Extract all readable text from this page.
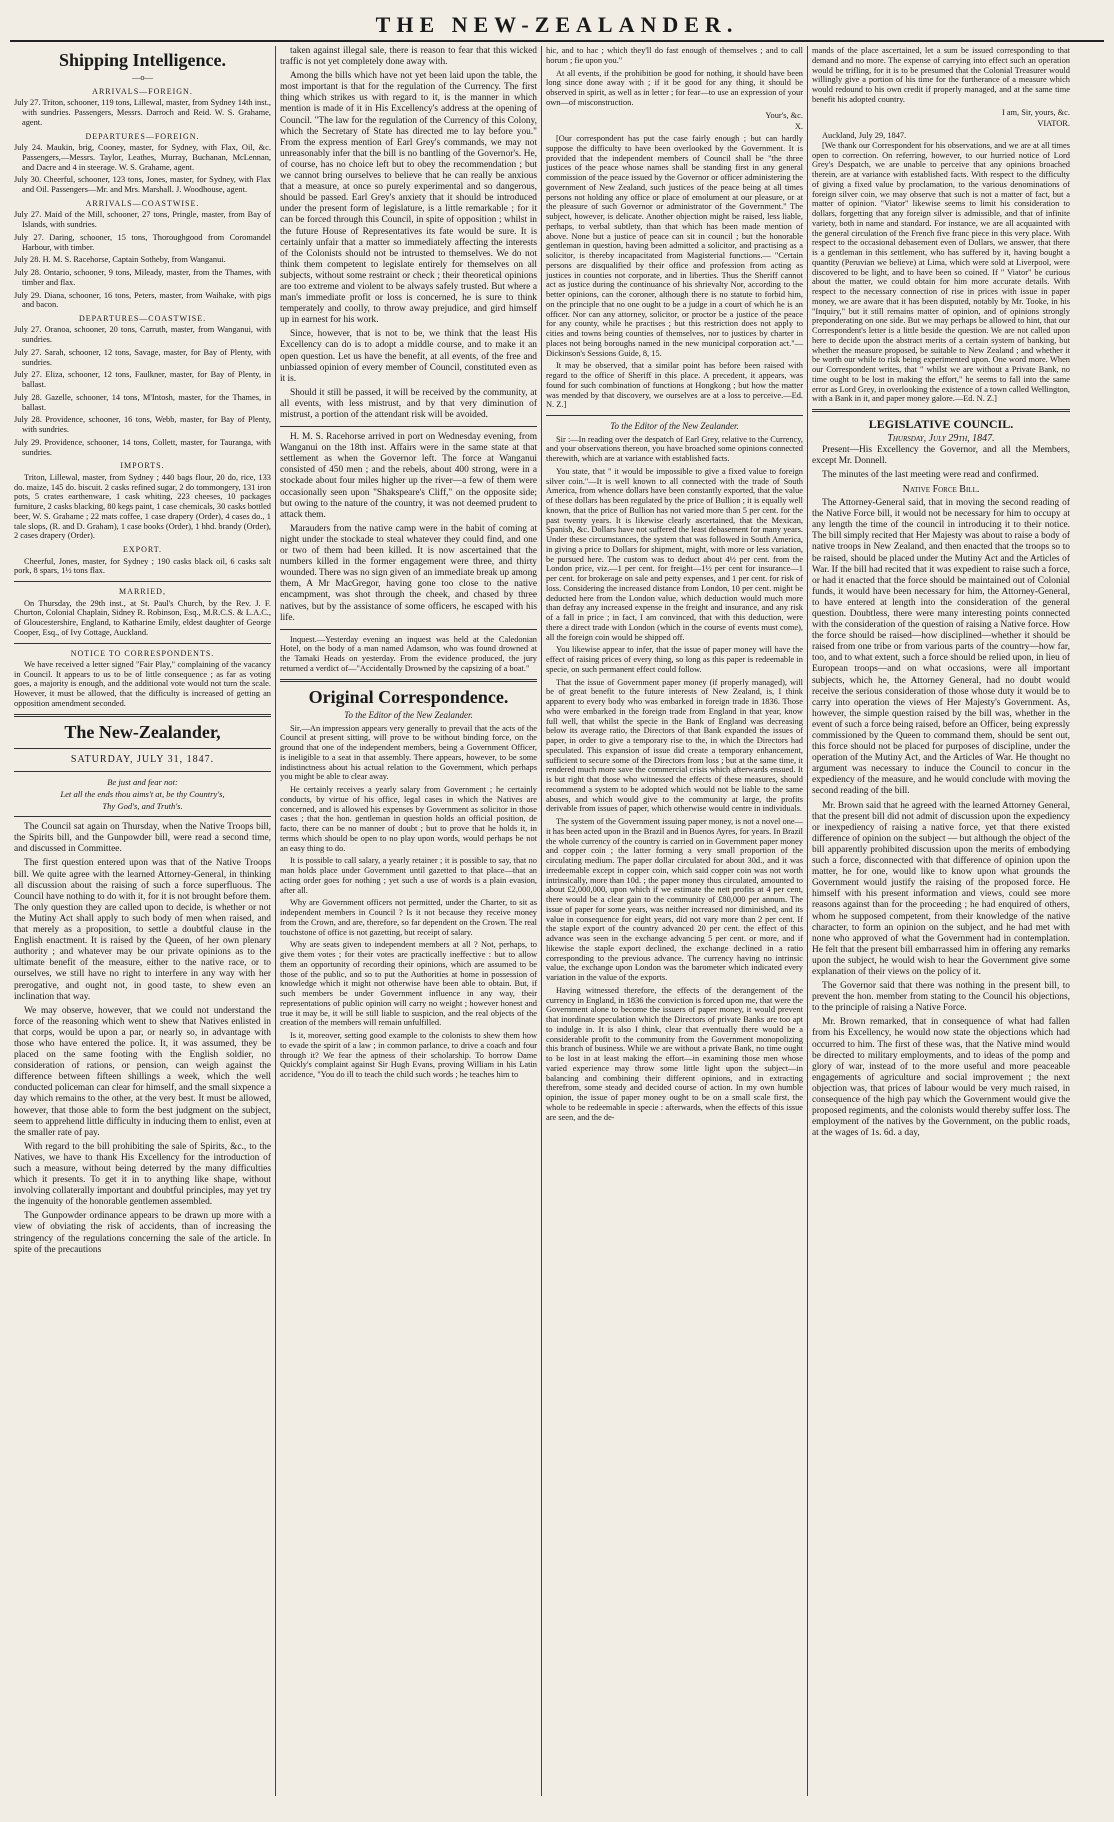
THE NEW-ZEALANDER.
Shipping Intelligence.
—o—
ARRIVALS—FOREIGN.
July 27. Triton, schooner, 119 tons, Lillewal, master, from Sydney 14th inst., with sundries. Passengers, Messrs. Darroch and Reid. W. S. Grahame, agent.
DEPARTURES—FOREIGN.
July 24. Maukin, brig, Cooney, master, for Sydney, with Flax, Oil, &c. Passengers,—Messrs. Taylor, Leathes, Murray, Buchanan, McLennan, and Dacre and 4 in steerage. W. S. Grahame, agent.
July 30. Cheerful, schooner, 123 tons, Jones, master, for Sydney, with Flax and Oil. Passengers—Mr. and Mrs. Marshall. J. Woodhouse, agent.
ARRIVALS—COASTWISE.
July 27. Maid of the Mill, schooner, 27 tons, Pringle, master, from Bay of Islands, with sundries.
July 27. Daring, schooner, 15 tons, Thoroughgood from Coromandel Harbour, with timber.
July 28. H. M. S. Racehorse, Captain Sotheby, from Wanganui.
July 28. Ontario, schooner, 9 tons, Mileady, master, from the Thames, with timber and flax.
July 29. Diana, schooner, 16 tons, Peters, master, from Waihake, with pigs and bacon.
DEPARTURES—COASTWISE.
July 27. Oranoa, schooner, 20 tons, Carruth, master, from Wanganui, with sundries.
July 27. Sarah, schooner, 12 tons, Savage, master, for Bay of Plenty, with sundries.
July 27. Eliza, schooner, 12 tons, Faulkner, master, for Bay of Plenty, in ballast.
July 28. Gazelle, schooner, 14 tons, M'Intosh, master, for the Thames, in ballast.
July 28. Providence, schooner, 16 tons, Webb, master, for Bay of Plenty, with sundries.
July 29. Providence, schooner, 14 tons, Collett, master, for Tauranga, with sundries.
IMPORTS.
Triton, Lillewal, master, from Sydney ; 440 bags flour, 20 do, rice, 133 do. maize, 145 do. biscuit. 2 casks refined sugar, 2 do tommongery, 131 iron pots, 5 crates earthenware, 1 cask whiting, 223 cheeses, 10 packages furniture, 2 casks blacking, 80 kegs paint, 1 case chemicals, 30 casks bottled beer, W. S. Grahame ; 22 mats coffee, 1 case drapery (Order), 4 cases do., 1 tale slops, (R. and D. Graham), 1 case books (Order), 1 hhd. brandy (Order), 2 cases drapery (Order).
EXPORT.
Cheerful, Jones, master, for Sydney ; 190 casks black oil, 6 casks salt pork, 8 spars, 1½ tons flax.
MARRIED,
On Thursday, the 29th inst., at St. Paul's Church, by the Rev. J. F. Churton, Colonial Chaplain, Sidney R. Robinson, Esq., M.R.C.S. & L.A.C., of Gloucestershire, England, to Katharine Emily, eldest daughter of George Cooper, Esq., of Ivy Cottage, Auckland.
NOTICE TO CORRESPONDENTS.
We have received a letter signed "Fair Play," complaining of the vacancy in Council. It appears to us to be of little consequence ; as far as voting goes, a majority is enough, and the additional vote would not turn the scale. However, it must be allowed, that the difficulty is increased of getting an opposition amendment seconded.
The New-Zealander,
SATURDAY, JULY 31, 1847.
Be just and fear not:
Let all the ends thou aims't at, be thy Country's,
Thy God's, and Truth's.

The Council sat again on Thursday, when the Native Troops bill, the Spirits bill, and the Gunpowder bill, were read a second time, and discussed in Committee.

The first question entered upon was that of the Native Troops bill. We quite agree with the learned Attorney-General, in thinking all discussion about the raising of such a force superfluous. The Council have nothing to do with it, for it is not brought before them. The only question they are called upon to decide, is whether or not the Mutiny Act shall apply to such body of men when raised, and that merely as a proposition, to settle a doubtful clause in the English enactment. It is raised by the Queen, of her own plenary authority ; and whatever may be our private opinions as to the ultimate benefit of the measure, either to the native race, or to ourselves, we still have no right to interfere in any way with her prerogative, and ought not, in good taste, to shew even an inclination that way.

We may observe, however, that we could not understand the force of the reasoning which went to shew that Natives enlisted in that corps, would be upon a par, or nearly so, in advantage with those who have entered the police. It, it was assumed, they be placed on the same footing with the English soldier, no consideration of rations, or pension, can weigh against the difference between fifteen shillings a week, which the well conducted policeman can clear for himself, and the small sixpence a day which remains to the other, at the very best. It must be allowed, however, that those able to form the best judgment on the subject, seem to apprehend little difficulty in inducing them to enlist, even at the smaller rate of pay.

With regard to the bill prohibiting the sale of Spirits, &c., to the Natives, we have to thank His Excellency for the introduction of such a measure, without being deterred by the many difficulties which it presents. To get it in to anything like shape, without involving collaterally important and doubtful principles, may yet try the ingenuity of the honorable gentlemen assembled.

The Gunpowder ordinance appears to be drawn up more with a view of obviating the risk of accidents, than of increasing the stringency of the regulations concerning the sale of the article. In spite of the precautions

taken against illegal sale, there is reason to fear that this wicked traffic is not yet completely done away with.

Among the bills which have not yet been laid upon the table, the most important is that for the regulation of the Currency. The first thing which strikes us with regard to it, is the manner in which mention is made of it in His Excellency's address at the opening of Council. "The law for the regulation of the Currency of this Colony, which the Secretary of State has directed me to lay before you." From the express mention of Earl Grey's commands, we may not unreasonably infer that the bill is no bantling of the Governor's. He, of course, has no choice left but to obey the recommendation ; but we cannot bring ourselves to believe that he can really be anxious that a measure, at once so purely experimental and so dangerous, should be passed. Earl Grey's anxiety that it should be introduced under the present form of legislature, is a little remarkable ; for it can be forced through this Council, in spite of opposition ; whilst in the future House of Representatives its fate would be sure. It is certainly unfair that a matter so immediately affecting the interests of the Colonists should not be intrusted to themselves. We do not think them competent to legislate entirely for themselves on all subjects, without some restraint or check ; their theoretical opinions are too extreme and violent to be always safely trusted. But where a man's immediate profit or loss is concerned, he is sure to think temperately and coolly, to throw away prejudice, and gird himself up in earnest for his work.

Since, however, that is not to be, we think that the least His Excellency can do is to adopt a middle course, and to make it an open question. Let us have the benefit, at all events, of the free and unbiassed opinion of every member of Council, constituted even as it is.

Should it still be passed, it will be received by the community, at all events, with less mistrust, and by that very diminution of mistrust, a portion of the attendant risk will be avoided.

H. M. S. Racehorse arrived in port on Wednesday evening, from Wanganui on the 18th inst. Affairs were in the same state at that settlement as when the Governor left. The force at Wanganui consisted of 450 men ; and the rebels, about 400 strong, were in a stockade about four miles higher up the river—a few of them were occasionally seen upon "Shakspeare's Cliff," on the opposite side; but owing to the nature of the country, it was not deemed prudent to attack them.

Marauders from the native camp were in the habit of coming at night under the stockade to steal whatever they could find, and one or two of them had been killed. It is now ascertained that the numbers killed in the former engagement were three, and thirty wounded. There was no sign given of an immediate break up among them, A Mr MacGregor, having gone too close to the native encampment, was shot through the cheek, and chased by three natives, but by the assistance of some officers, he escaped with his life.

Inquest.—Yesterday evening an inquest was held at the Caledonian Hotel, on the body of a man named Adamson, who was found drowned at the Tamaki Heads on yesterday. From the evidence produced, the jury returned a verdict of—"Accidentally Drowned by the capsizing of a boat."

Original Correspondence.
To the Editor of the New Zealander.

Sir,—An impression appears very generally to prevail that the acts of the Council at present sitting, will prove to be without binding force, on the ground that one of the independent members, being a Government Officer, is ineligible to a seat in that assembly. There appears, however, to be some indistinctness about his actual relation to the Government, which perhaps you might be able to clear away.

He certainly receives a yearly salary from Government ; he certainly conducts, by virtue of his office, legal cases in which the Natives are concerned, and is allowed his expenses by Government as solicitor in those cases ; that the hon. gentleman in question holds an official position, de facto, there can be no manner of doubt ; but to prove that he holds it, in terms which should be open to no play upon words, would perhaps be not an easy thing to do.

It is possible to call salary, a yearly retainer ; it is possible to say, that no man holds place under Government until gazetted to that place—that an acting order goes for nothing ; yet such a use of words is a plain evasion, after all.

Why are Government officers not permitted, under the Charter, to sit as independent members in Council ? Is it not because they receive money from the Crown, and are, therefore, so far dependent on the Crown. The real touchstone of office is not gazetting, but receipt of salary.

Why are seats given to independent members at all ? Not, perhaps, to give them votes ; for their votes are practically ineffective : but to allow them an opportunity of recording their opinions, which are assumed to be those of the public, and so to put the Authorities at home in possession of knowledge which it might not otherwise have been able to obtain. But, if such members be under Government influence in any way, their representations of public opinion will carry no weight ; however honest and true it may be, it will be still liable to suspicion, and the real objects of the creation of the members will remain unfulfilled.

Is it, moreover, setting good example to the colonists to shew them how to evade the spirit of a law ; in common parlance, to drive a coach and four through it? We fear the aptness of their scholarship. To borrow Dame Quickly's complaint against Sir Hugh Evans, proving William in his Latin accidence, "You do ill to teach the child such words ; he teaches him to

hic, and to hac ; which they'll do fast enough of themselves ; and to call horum ; fie upon you."

At all events, if the prohibition be good for nothing, it should have been long since done away with ; if it be good for any thing, it should be observed in spirit, as well as in letter ; for fear—to use an expression of your own—of misconstruction.

Your's, &c.
X.

[Our correspondent has put the case fairly enough ; but can hardly suppose the difficulty to have been overlooked by the Government. It is provided that the independent members of Council shall be "the three justices of the peace whose names shall be standing first in any general commission of the peace issued by the Governor or officer administering the government of New Zealand, such justices of the peace being at all times persons not holding any office or place of emolument at our pleasure, or at the pleasure of such Governor or administrator of the Government." The subject, however, is delicate. Another objection might be raised, less liable, perhaps, to verbal subtlety, than that which has been made mention of above. None but a justice of peace can sit in council ; but the honorable gentleman in question, having been admitted a solicitor, and practising as a solicitor, is thereby incapacitated from Magisterial functions.— "Certain persons are disqualified by their office and profession from acting as justices in counties not corporate, and in liberties. Thus the Sheriff cannot act as justice during the continuance of his shrievalty Nor, according to the better opinions, can the coroner, although there is no statute to forbid him, on the principle that no one ought to be a judge in a court of which he is an officer. Nor can any attorney, solicitor, or proctor be a justice of the peace for any county, while he practises ; but this restriction does not apply to cities and towns being counties of themselves, nor to justices by charter in places not being boroughs named in the new municipal corporation act."—Dickinson's Sessions Guide, 8, 15.

It may be observed, that a similar point has before been raised with regard to the office of Sheriff in this place. A precedent, it appears, was found for such combination of functions at Hongkong ; but how the matter was mended by that discovery, we ourselves are at a loss to perceive.—Ed. N. Z.]

To the Editor of the New Zealander.

Sir :—In reading over the despatch of Earl Grey, relative to the Currency, and your observations thereon, you have broached some opinions connected therewith, which are at variance with established facts.

You state, that " it would be impossible to give a fixed value to foreign silver coin."—It is well known to all connected with the trade of South America, from whence dollars have been constantly exported, that the value of these dollars has been regulated by the price of Bullion ; it is equally well known, that the price of Bullion has not varied more than 5 per cent. for the past twenty years. It is likewise clearly ascertained, that the Mexican, Spanish, &c. Dollars have not suffered the least debasement for many years. Under these circumstances, the system that was followed in South America, in giving a price to Dollars for shipment, might, with more or less variation, be pursued here. The custom was to deduct about 4½ per cent. from the London price, viz.—1 per cent. for freight—1½ per cent for insurance—1 per cent. for brokerage on sale and petty expenses, and 1 per cent. for risk of loss. Considering the increased distance from London, 10 per cent. might be deducted here from the London value, which deduction would much more than defray any increased expense in the freight and insurance, and any risk of a fall in price ; in fact, I am convinced, that with this deduction, were there a direct trade with London (which in the course of events must come), all the foreign coin would be shipped off.

You likewise appear to infer, that the issue of paper money will have the effect of raising prices of every thing, so long as this paper is redeemable in specie, on such permanent effect could follow.

That the issue of Government paper money (if properly managed), will be of great benefit to the future interests of New Zealand, is, I think apparent to every body who was embarked in foreign trade in 1836. Those who were embarked in the foreign trade from England in that year, know full well, that whilst the specie in the Bank of England was decreasing below its average ratio, the Directors of that Bank expanded the issues of paper, in order to give a temporary rise to the, in which the Directors had speculated. This expansion of issue did create a temporary enhancement, sufficient to secure some of the Directors from loss ; but at the same time, it rendered much more save the commercial crisis which afterwards ensued. It is but right that those who witnessed the effects of these measures, should recommend a system to be adopted which would not be liable to the same abuses, and which would give to the community at large, the profits derivable from issues of paper, which otherwise would centre in individuals.

The system of the Government issuing paper money, is not a novel one—it has been acted upon in the Brazil and in Buenos Ayres, for years. In Brazil the whole currency of the country is carried on in Government paper money and copper coin ; the latter forming a very small proportion of the circulating medium. The paper dollar circulated for about 30d., and it was irredeemable except in copper coin, which said copper coin was not worth intrinsically, more than 10d. ; the paper money thus circulated, amounted to about £2,000,000, upon which if we estimate the nett profits at 4 per cent, there would be a clear gain to the community of £80,000 per annum. The issue of paper for some years, was neither increased nor diminished, and its value in consequence for eight years, did not vary more than 2 per cent. If the staple export of the country advanced 20 per cent. the effect of this advance was seen in the exchange advancing 5 per cent. or more, and if likewise the staple export declined, the exchange declined in a ratio corresponding to the previous advance. The currency having no intrinsic value, the exchange upon London was the barometer which indicated every variation in the value of the exports.

Having witnessed therefore, the effects of the derangement of the currency in England, in 1836 the conviction is forced upon me, that were the Government alone to become the issuers of paper money, it would prevent that inordinate speculation which the Directors of private Banks are too apt to indulge in. It is also I think, clear that eventually there would be a considerable profit to the community from the Government monopolizing this branch of business. While we are without a private Bank, no time ought to be lost in at least making the effort—in examining those men whose varied experience may throw some little light upon the subject—in balancing and combining their different opinions, and in extracting therefrom, some steady and decided course of action. In my own humble opinion, the issue of paper money ought to be on a small scale first, the whole to be redeemable in specie : afterwards, when the effects of this issue are seen, and the de-

mands of the place ascertained, let a sum be issued corresponding to that demand and no more. The expense of carrying into effect such an operation would be trifling, for it is to be presumed that the Colonial Treasurer would willingly give a portion of his time for the furtherance of a measure which would redound to his own credit if properly managed, and at the same time benefit his adopted country.

I am, Sir, yours, &c.
VIATOR.
Auckland, July 29, 1847.

[We thank our Correspondent for his observations, and we are at all times open to correction. On referring, however, to our hurried notice of Lord Grey's Despatch, we are unable to perceive that any opinions broached therein, are at variance with established facts. With respect to the difficulty of giving a fixed value by proclamation, to the various denominations of foreign silver coin, we may observe that such is not a matter of fact, but a matter of opinion. "Viator" likewise seems to limit his consideration to dollars, forgetting that any foreign silver is admissible, and that of infinite variety, both in name and standard. For instance, we are all acquainted with the general circulation of the French five franc piece in this very place. With respect to the occasional debasement even of Dollars, we answer, that there is a gentleman in this settlement, who has suffered by it, having bought a quantity (Peruvian we believe) at Lima, which were sold at Liverpool, were discovered to be light, and to have been so coined. If " Viator" be curious about the matter, we could obtain for him more accurate details. With respect to the necessary connection of rise in prices with issue in paper money, we are aware that it has been disputed, notably by Mr. Tooke, in his "Inquiry," but it still remains matter of opinion, and of opinions strongly preponderating on one side. But we may perhaps be allowed to hint, that our Correspondent's letter is a little beside the question. We are not called upon here to decide upon the abstract merits of a certain system of banking, but whether the measure proposed, be suitable to New Zealand ; and whether it be worth our while to risk being experimented upon. One word more. When our Correspondent writes, that " whilst we are without a Private Bank, no time ought to be lost in making the effort," he seems to fall into the same error as Lord Grey, in overlooking the existence of a town called Wellington, with a Bank in it, and paper money galore.—Ed. N. Z.]

LEGISLATIVE COUNCIL.
Thursday, July 29th, 1847.

Present—His Excellency the Governor, and all the Members, except Mr. Donnell.

The minutes of the last meeting were read and confirmed.

Native Force Bill.

The Attorney-General said, that in moving the second reading of the Native Force bill, it would not be necessary for him to occupy at any length the time of the council in introducing it to their notice. The bill simply recited that Her Majesty was about to raise a body of native troops in New Zealand, and then enacted that the troops so to be raised, should be placed under the Mutiny Act and the Articles of War. If the bill had recited that it was expedient to raise such a force, or had it enacted that the force should be maintained out of Colonial funds, it would have been necessary for him, the Attorney-General, to have entered at length into the consideration of the general question. Doubtless, there were many interesting points connected with the consideration of the question of raising a Native force. How the force should be raised—how disciplined—whether it should be raised from one tribe or from various parts of the country—how far, too, and to what extent, such a force should be relied upon, in lieu of European troops—and on what occasions, were all important subjects, which he, the Attorney General, had no doubt would receive the serious consideration of those whose duty it would be to carry into operation the views of Her Majesty's Government. As, however, the simple question raised by the bill was, whether in the event of such a force being raised, before an Officer, being expressly commissioned by the Queen to command them, should be sent out, this force should not be placed for purposes of discipline, under the operation of the Mutiny Act, and the Articles of War. He thought no argument was necessary to induce the Council to concur in the expediency of the measure, and he would conclude with moving the second reading of the bill.

Mr. Brown said that he agreed with the learned Attorney General, that the present bill did not admit of discussion upon the expediency or inexpediency of raising a native force, yet that there existed difference of opinion on the subject — but although the object of the bill apparently prohibited discussion upon the merits of embodying such a force, disconnected with that difference of opinion upon the matter, he for one, would like to know upon what grounds the Government would justify the raising of the proposed force. He himself with his present information and views, could see more reasons against than for the proceeding ; he had enquired of others, whom he supposed competent, from their knowledge of the native character, to form an opinion on the subject, and he had met with none who approved of what the Government had in contemplation. He felt that the present bill embarrassed him in offering any remarks upon the subject, he would wish to hear the Government give some explanation of their views on the policy of it.

The Governor said that there was nothing in the present bill, to prevent the hon. member from stating to the Council his objections, to the principle of raising a Native Force.

Mr. Brown remarked, that in consequence of what had fallen from his Excellency, he would now state the objections which had occurred to him. The first of these was, that the Native mind would be directed to military employments, and to ideas of the pomp and glory of war, instead of to the more useful and more peaceable engagements of agriculture and social improvement ; the next objection was, that prices of labour would be very much raised, in consequence of the high pay which the Government would give the proposed regiments, and the colonists would thereby suffer loss. The employment of the natives by the Government, on the public roads, at the wages of 1s. 6d. a day,
